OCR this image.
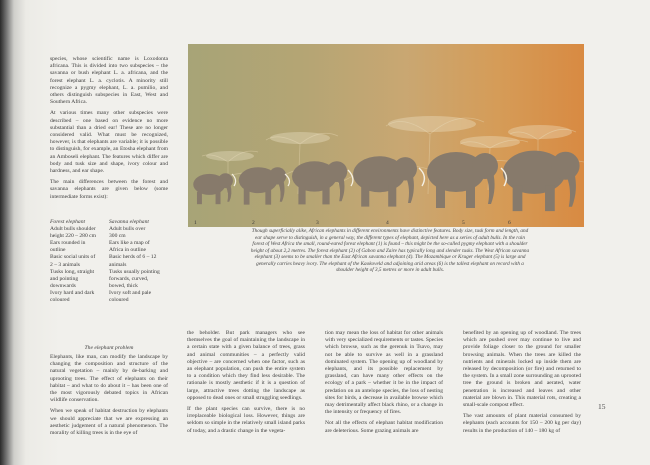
species, whose scientific name is Loxodonta africana. This is divided into two subspecies – the savanna or bush elephant L. a. africana, and the forest elephant L. a. cyclotis. A minority still recognize a pygmy elephant, L. a. pumilio, and others distinguish subspecies in East, West and Southern Africa.

At various times many other subspecies were described – one based on evidence no more substantial than a dried ear! These are no longer considered valid. What must be recognized, however, is that elephants are variable; it is possible to distinguish, for example, an Etosha elephant from an Amboseli elephant. The features which differ are body and tusk size and shape, ivory colour and hardness, and ear shape.

The main differences between the forest and savanna elephants are given below (some intermediate forms exist):

Forest elephant	Savanna elephant
Adult bulls shoulder	Adult bulls over
height 220 – 280 cm	300 cm
Ears rounded in	Ears like a map of
outline	Africa in outline
Basic social units of	Basic herds of 6 – 12
2 – 3 animals	animals
Tusks long, straight	Tusks usually pointing
and pointing	forwards, curved,
downwards	bowed, thick
Ivory hard and dark	Ivory soft and pale
coloured	coloured
The elephant problem

Elephants, like man, can modify the landscape by changing the composition and structure of the natural vegetation – mainly by de-barking and uprooting trees. The effect of elephants on their habitat – and what to do about it – has been one of the most vigorously debated topics in African wildlife conservation.

When we speak of habitat destruction by elephants we should appreciate that we are expressing an aesthetic judgement of a natural phenomenon. The morality of killing trees is in the eye of

1	2	3	4	5	6
Though superficially alike, African elephants in different environments have distinctive features. Body size, tusk form and length, and ear shape serve to distinguish, in a general way, the different types of elephant, depicted here as a series of adult bulls. In the rain forest of West Africa the small, round-eared forest elephant (1) is found – this might be the so-called pygmy elephant with a shoulder height of about 2,2 metres. The forest elephant (2) of Gabon and Zaire has typically long and slender tusks. The West African savanna elephant (3) seems to be smaller than the East African savanna elephant (4). The Mozambique or Kruger elephant (5) is large and generally carries heavy ivory. The elephant of the Kaokoveld and adjoining arid areas (6) is the tallest elephant on record with a shoulder height of 3,5 metres or more in adult bulls.

the beholder. But park managers who see themselves the goal of maintaining the landscape in a certain state with a given balance of trees, grass and animal communities – a perfectly valid objective – are concerned when one factor, such as an elephant population, can push the entire system to a condition which they find less desirable. The rationale is mostly aesthetic if it is a question of large, attractive trees dotting the landscape as opposed to dead ones or small struggling seedlings.

If the plant species can survive, there is no irreplaceable biological loss. However, things are seldom so simple in the relatively small island parks of today, and a drastic change in the vegeta-

tion may mean the loss of habitat for other animals with very specialized requirements or tastes. Species which browse, such as the gerenuk in Tsavo, may not be able to survive as well in a grassland dominated system. The opening up of woodland by elephants, and its possible replacement by grassland, can have many other effects on the ecology of a park – whether it be in the impact of predation on an antelope species, the loss of nesting sites for birds, a decrease in available browse which may detrimentally affect black rhino, or a change in the intensity or frequency of fires.

Not all the effects of elephant habitat modification are deleterious. Some grazing animals are

benefited by an opening up of woodland. The trees which are pushed over may continue to live and provide foliage closer to the ground for smaller browsing animals. When the trees are killed the nutrients and minerals locked up inside them are released by decomposition (or fire) and returned to the system. In a small zone surrounding an uprooted tree the ground is broken and aerated, water penetration is increased and leaves and other material are blown in. This material rots, creating a small-scale compost effect.

The vast amounts of plant material consumed by elephants (each accounts for 150 – 200 kg per day) results in the production of 140 – 180 kg of

15
